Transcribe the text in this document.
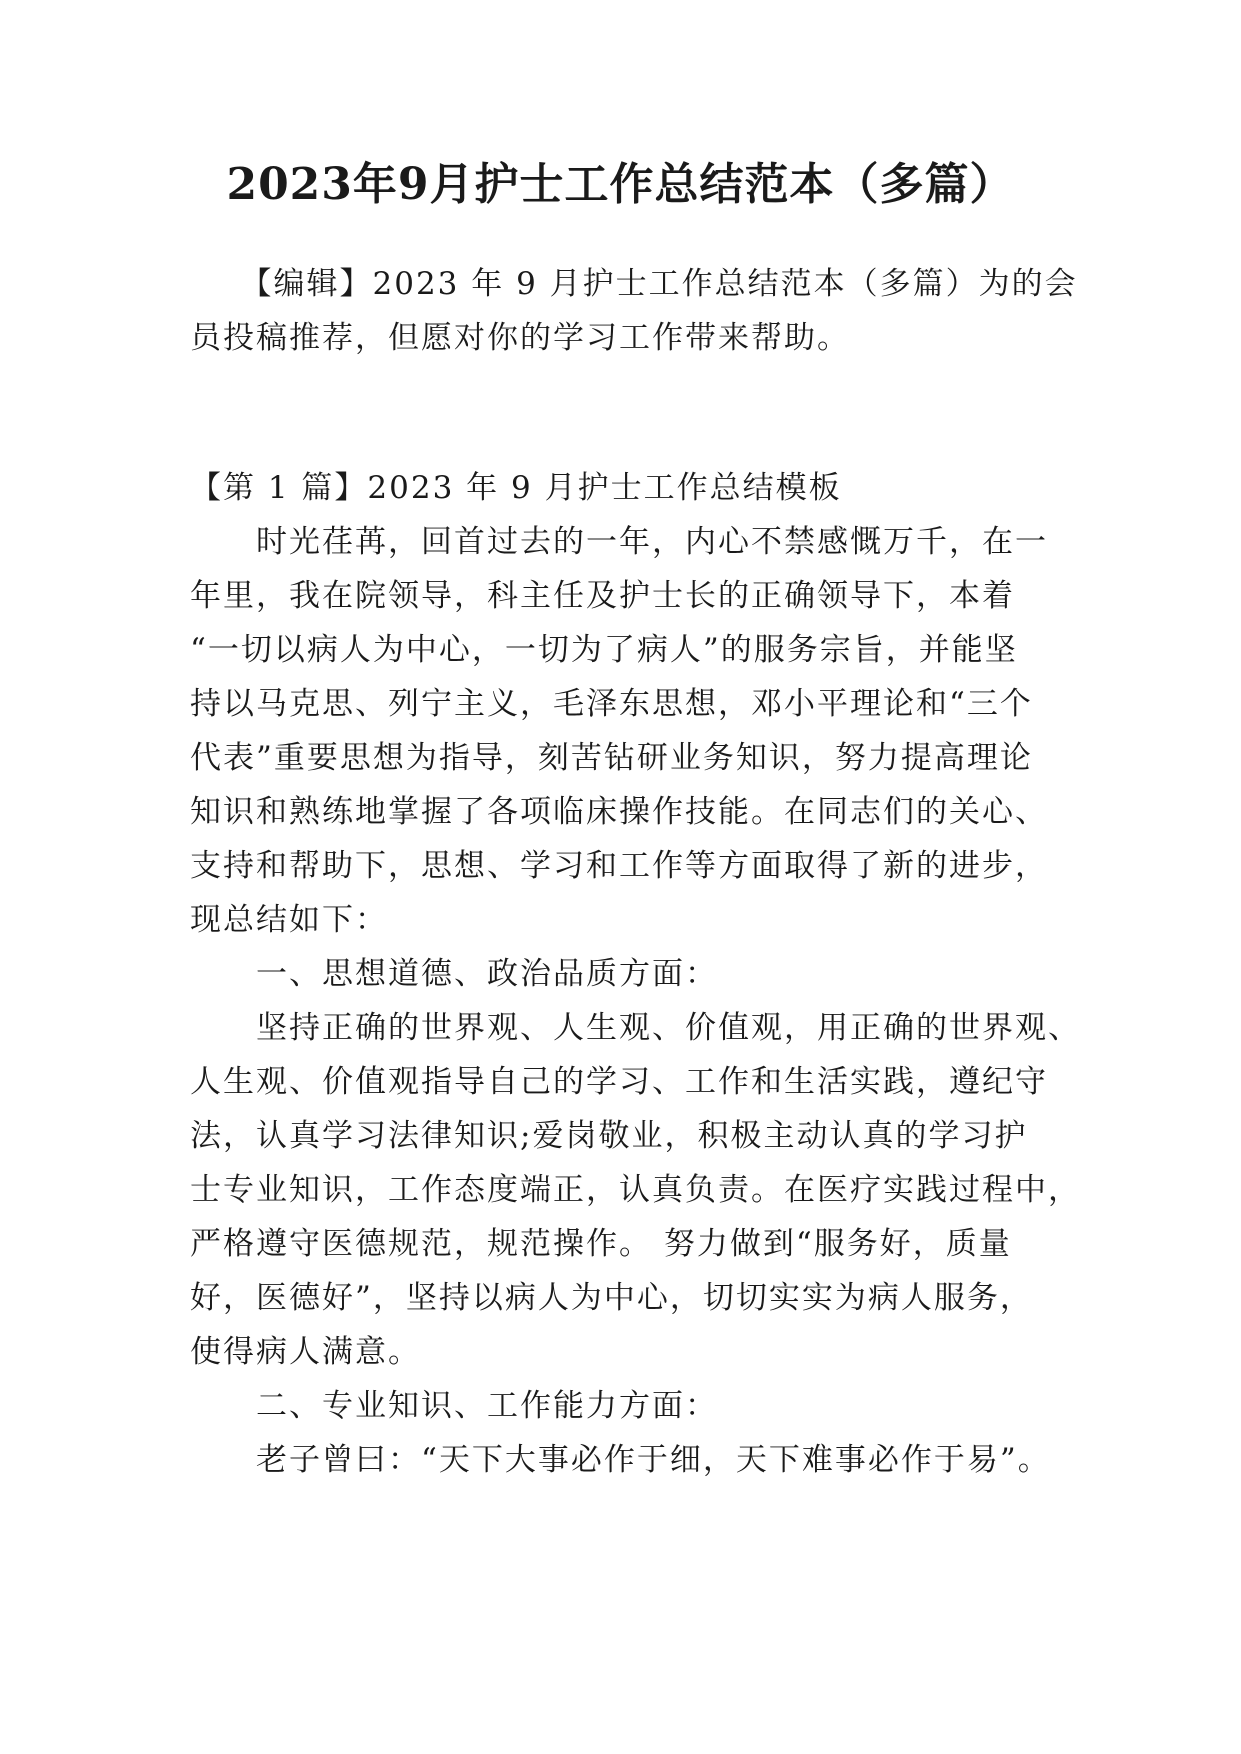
2023年9月护士工作总结范本（多篇）

　　【编辑】2023 年 9 月护士工作总结范本（多篇）为的会

员投稿推荐，但愿对你的学习工作带来帮助。

【第 1 篇】2023 年 9 月护士工作总结模板

　　时光荏苒，回首过去的一年，内心不禁感慨万千，在一

年里，我在院领导，科主任及护士长的正确领导下，本着

“一切以病人为中心，一切为了病人”的服务宗旨，并能坚

持以马克思、列宁主义，毛泽东思想，邓小平理论和“三个

代表”重要思想为指导，刻苦钻研业务知识，努力提高理论

知识和熟练地掌握了各项临床操作技能。在同志们的关心、

支持和帮助下，思想、学习和工作等方面取得了新的进步，

现总结如下：

　　一、思想道德、政治品质方面：

　　坚持正确的世界观、人生观、价值观，用正确的世界观、

人生观、价值观指导自己的学习、工作和生活实践，遵纪守

法，认真学习法律知识;爱岗敬业，积极主动认真的学习护

士专业知识，工作态度端正，认真负责。在医疗实践过程中，

严格遵守医德规范，规范操作。 努力做到“服务好，质量

好，医德好”，坚持以病人为中心，切切实实为病人服务，

使得病人满意。

　　二、专业知识、工作能力方面：

　　老子曾曰：“天下大事必作于细，天下难事必作于易”。
